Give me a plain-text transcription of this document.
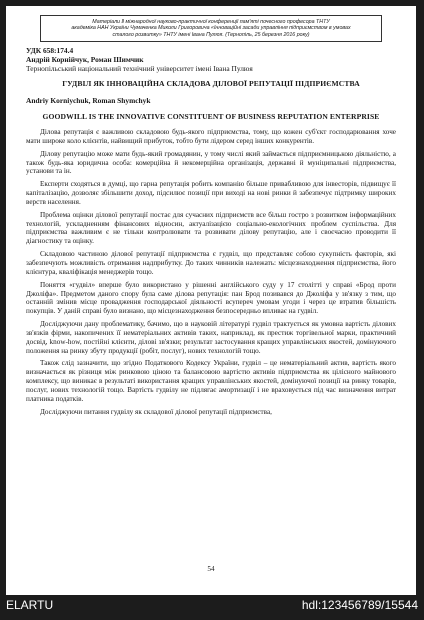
Матеріали Ⅱ міжнародної науково-практичної конференції пам'яті почесного професора ТНТУ
академіка НАН України Чумаченка Миколи Григоровича «Інноваційні засади управління підприємством в умовах
сталого розвитку» ТНТУ імені Івана Пулюя. (Тернопіль, 25 березня 2016 року)

УДК 658:174.4

Андрій Корнійчук, Роман Шимчик

Тернопільський національний технічний університет імені Івана Пулюя

ГУДВІЛ ЯК ІННОВАЦІЙНА СКЛАДОВА ДІЛОВОЇ РЕПУТАЦІЇ ПІДПРИЄМСТВА

Andriy Korniychuk, Roman Shymchyk

GOODWILL IS THE INNOVATIVE CONSTITUENT OF BUSINESS REPUTATION ENTERPRISE

Ділова репутація є важливою складовою будь-якого підприємства, тому, що кожен суб'єкт господарювання хоче мати широке коло клієнтів, найвищий прибуток, тобто бути лідером серед інших конкурентів.

Ділову репутацію може мати будь-який громадянин, у тому числі який займається підприємницькою діяльністю, а також будь-яка юридична особа: комерційна й некомерційна організація, державні й муніципальні підприємства, установи та ін.

Експерти сходяться в думці, що гарна репутація робить компанію більше привабливою для інвесторів, підвищує її капіталізацію, дозволяє збільшити доход, підсилює позиції при виході на нові ринки й забезпечує підтримку широких верств населення.

Проблема оцінки ділової репутації постає для сучасних підприємств все більш гостро з розвитком інформаційних технологій, ускладненням фінансових відносин, актуалізацією соціально-екологічних проблем суспільства. Для підприємства важливим є не тільки контролювати та розвивати ділову репутацію, але і своєчасно проводити її діагностику та оцінку.

Складовою частиною ділової репутації підприємства є гудвіл, що представляє собою сукупність факторів, які забезпечують можливість отримання надприбутку. До таких чинників належать: місцезнаходження підприємства, його клієнтура, кваліфікація менеджерів тощо.

Поняття «гудвіл» вперше було використано у рішенні англійського суду у 17 столітті у справі «Брод проти Джоліфа». Предметом даного спору була саме ділова репутація: пан Брод позивався до Джоліфа у зв'язку з тим, що останній змінив місце провадження господарської діяльності всупереч умовам угоди і через це втратив більшість покупців. У даній справі було визнано, що місцезнаходження безпосередньо впливає на гудвіл.

Досліджуючи дану проблематику, бачимо, що в науковій літературі гудвіл трактується як умовна вартість ділових зв'язків фірми, накопичених її нематеріальних активів таких, наприклад, як престиж торгівельної марки, практичний досвід, know-how, постійні клієнти, ділові зв'язки; результат застосування кращих управлінських якостей, домінуючого положення на ринку збуту продукції (робіт, послуг), нових технологій тощо.

Також слід зазначити, що згідно Податкового Кодексу України, гудвіл – це нематеріальний актив, вартість якого визначається як різниця між ринковою ціною та балансовою вартістю активів підприємства як цілісного майнового комплексу, що виникає в результаті використання кращих управлінських якостей, домінуючої позиції на ринку товарів, послуг, нових технологій тощо. Вартість гудвілу не підлягає амортизації і не враховується під час визначення витрат платника податків.

Досліджуючи питання гудвілу як складової ділової репутації підприємства,

54
ELARTU	hdl:123456789/15544
